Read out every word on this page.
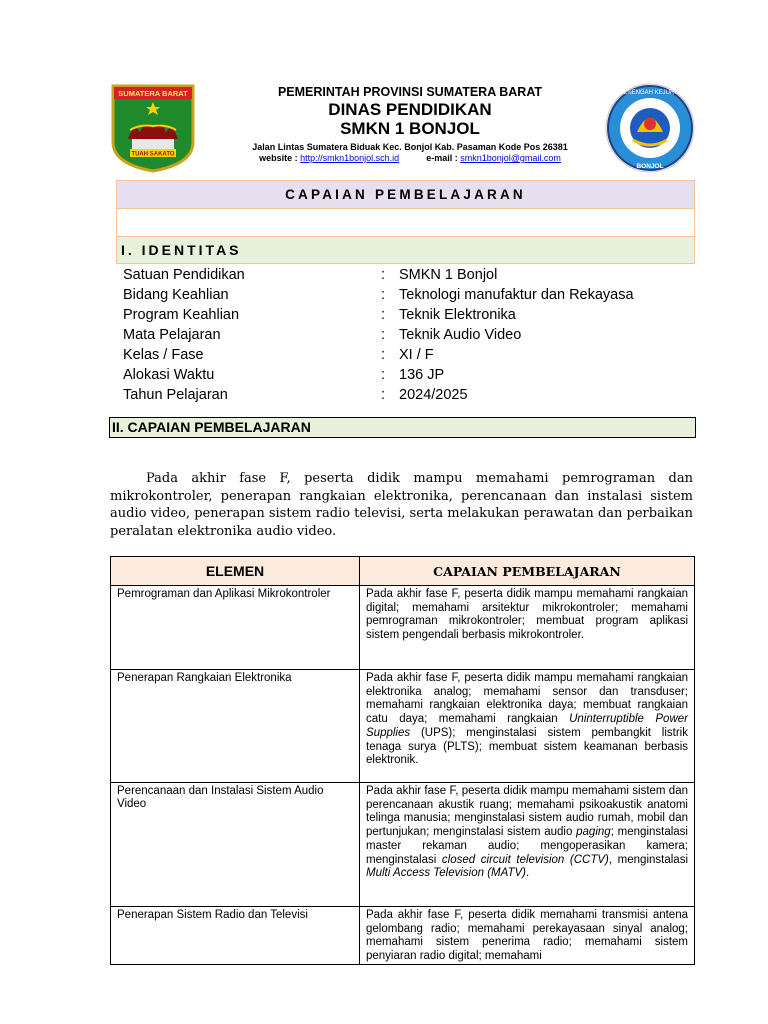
SUMATERA BARAT
TUAH SAKATO
SEKOLAH MENENGAH KEJURUAN NEGERI
BONJOL
PEMERINTAH PROVINSI SUMATERA BARAT
DINAS PENDIDIKAN
SMKN 1 BONJOL
Jalan Lintas Sumatera Biduak Kec. Bonjol Kab. Pasaman Kode Pos 26381
website : http://smkn1bonjol.sch.id	e-mail : smkn1bonjol@gmail.com
CAPAIAN PEMBELAJARAN
I. IDENTITAS
Satuan Pendidikan	: SMKN 1 Bonjol
Bidang Keahlian	: Teknologi manufaktur dan Rekayasa
Program Keahlian	: Teknik Elektronika
Mata Pelajaran	: Teknik Audio Video
Kelas / Fase	: XI / F
Alokasi Waktu	: 136 JP
Tahun Pelajaran	: 2024/2025
II. CAPAIAN PEMBELAJARAN
Pada akhir fase F, peserta didik mampu memahami pemrograman dan mikrokontroler, penerapan rangkaian elektronika, perencanaan dan instalasi sistem audio video, penerapan sistem radio televisi, serta melakukan perawatan dan perbaikan peralatan elektronika audio video.
ELEMEN	CAPAIAN PEMBELAJARAN
Pemrograman dan Aplikasi Mikrokontroler	Pada akhir fase F, peserta didik mampu memahami rangkaian digital; memahami arsitektur mikrokontroler; memahami pemrograman mikrokontroler; membuat program aplikasi sistem pengendali berbasis mikrokontroler.
Penerapan Rangkaian Elektronika	Pada akhir fase F, peserta didik mampu memahami rangkaian elektronika analog; memahami sensor dan transduser; memahami rangkaian elektronika daya; membuat rangkaian catu daya; memahami rangkaian Uninterruptible Power Supplies (UPS); menginstalasi sistem pembangkit listrik tenaga surya (PLTS); membuat sistem keamanan berbasis elektronik.
Perencanaan dan Instalasi Sistem Audio Video	Pada akhir fase F, peserta didik mampu memahami sistem dan perencanaan akustik ruang; memahami psikoakustik anatomi telinga manusia; menginstalasi sistem audio rumah, mobil dan pertunjukan; menginstalasi sistem audio paging; menginstalasi master rekaman audio; mengoperasikan kamera; menginstalasi closed circuit television (CCTV), menginstalasi Multi Access Television (MATV).
Penerapan Sistem Radio dan Televisi	Pada akhir fase F, peserta didik memahami transmisi antena gelombang radio; memahami perekayasaan sinyal analog; memahami sistem penerima radio; memahami sistem penyiaran radio digital; memahami
